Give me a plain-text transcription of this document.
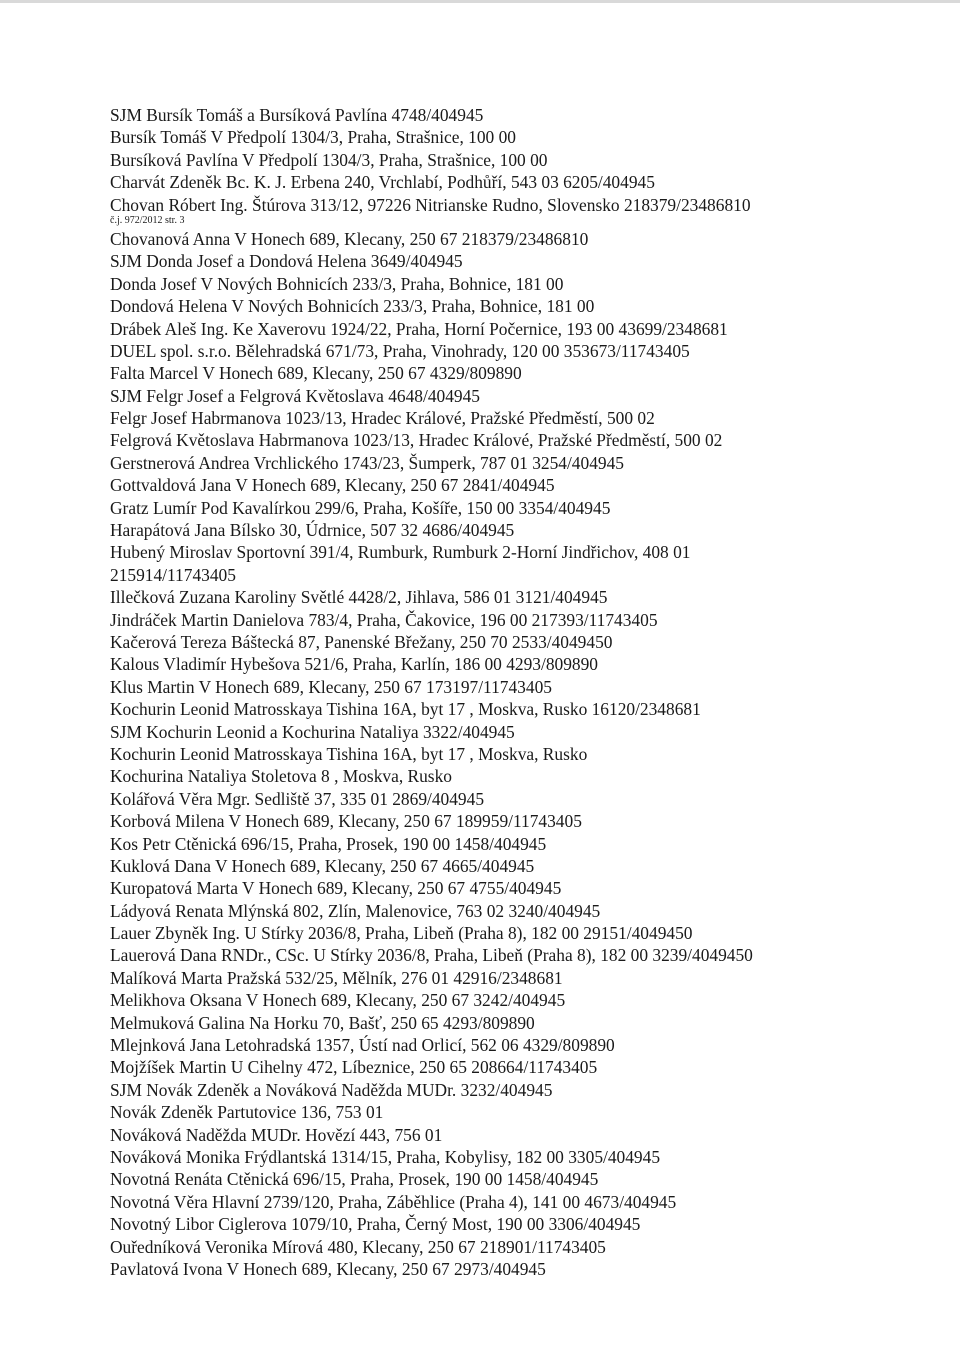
SJM Bursík Tomáš a Bursíková Pavlína 4748/404945
Bursík Tomáš V Předpolí 1304/3, Praha, Strašnice, 100 00
Bursíková Pavlína V Předpolí 1304/3, Praha, Strašnice, 100 00
Charvát Zdeněk Bc. K. J. Erbena 240, Vrchlabí, Podhůří, 543 03 6205/404945
Chovan Róbert Ing. Štúrova 313/12, 97226 Nitrianske Rudno, Slovensko 218379/23486810
č.j. 972/2012 str. 3
Chovanová Anna V Honech 689, Klecany, 250 67 218379/23486810
SJM Donda Josef a Dondová Helena 3649/404945
Donda Josef V Nových Bohnicích 233/3, Praha, Bohnice, 181 00
Dondová Helena V Nových Bohnicích 233/3, Praha, Bohnice, 181 00
Drábek Aleš Ing. Ke Xaverovu 1924/22, Praha, Horní Počernice, 193 00 43699/2348681
DUEL spol. s.r.o. Bělehradská 671/73, Praha, Vinohrady, 120 00 353673/11743405
Falta Marcel V Honech 689, Klecany, 250 67 4329/809890
SJM Felgr Josef a Felgrová Květoslava 4648/404945
Felgr Josef Habrmanova 1023/13, Hradec Králové, Pražské Předměstí, 500 02
Felgrová Květoslava Habrmanova 1023/13, Hradec Králové, Pražské Předměstí, 500 02
Gerstnerová Andrea Vrchlického 1743/23, Šumperk, 787 01 3254/404945
Gottvaldová Jana V Honech 689, Klecany, 250 67 2841/404945
Gratz Lumír Pod Kavalírkou 299/6, Praha, Košíře, 150 00 3354/404945
Harapátová Jana Bílsko 30, Údrnice, 507 32 4686/404945
Hubený Miroslav Sportovní 391/4, Rumburk, Rumburk 2-Horní Jindřichov, 408 01
215914/11743405
Illečková Zuzana Karoliny Světlé 4428/2, Jihlava, 586 01 3121/404945
Jindráček Martin Danielova 783/4, Praha, Čakovice, 196 00 217393/11743405
Kačerová Tereza Báštecká 87, Panenské Břežany, 250 70 2533/4049450
Kalous Vladimír Hybešova 521/6, Praha, Karlín, 186 00 4293/809890
Klus Martin V Honech 689, Klecany, 250 67 173197/11743405
Kochurin Leonid Matrosskaya Tishina 16A, byt 17 , Moskva, Rusko 16120/2348681
SJM Kochurin Leonid a Kochurina Nataliya 3322/404945
Kochurin Leonid Matrosskaya Tishina 16A, byt 17 , Moskva, Rusko
Kochurina Nataliya Stoletova 8 , Moskva, Rusko
Kolářová Věra Mgr. Sedliště 37, 335 01 2869/404945
Korbová Milena V Honech 689, Klecany, 250 67 189959/11743405
Kos Petr Ctěnická 696/15, Praha, Prosek, 190 00 1458/404945
Kuklová Dana V Honech 689, Klecany, 250 67 4665/404945
Kuropatová Marta V Honech 689, Klecany, 250 67 4755/404945
Ládyová Renata Mlýnská 802, Zlín, Malenovice, 763 02 3240/404945
Lauer Zbyněk Ing. U Stírky 2036/8, Praha, Libeň (Praha 8), 182 00 29151/4049450
Lauerová Dana RNDr., CSc. U Stírky 2036/8, Praha, Libeň (Praha 8), 182 00 3239/4049450
Malíková Marta Pražská 532/25, Mělník, 276 01 42916/2348681
Melikhova Oksana V Honech 689, Klecany, 250 67 3242/404945
Melmuková Galina Na Horku 70, Bašť, 250 65 4293/809890
Mlejnková Jana Letohradská 1357, Ústí nad Orlicí, 562 06 4329/809890
Mojžíšek Martin U Cihelny 472, Líbeznice, 250 65 208664/11743405
SJM Novák Zdeněk a Nováková Naděžda MUDr. 3232/404945
Novák Zdeněk Partutovice 136, 753 01
Nováková Naděžda MUDr. Hovězí 443, 756 01
Nováková Monika Frýdlantská 1314/15, Praha, Kobylisy, 182 00 3305/404945
Novotná Renáta Ctěnická 696/15, Praha, Prosek, 190 00 1458/404945
Novotná Věra Hlavní 2739/120, Praha, Záběhlice (Praha 4), 141 00 4673/404945
Novotný Libor Ciglerova 1079/10, Praha, Černý Most, 190 00 3306/404945
Ouředníková Veronika Mírová 480, Klecany, 250 67 218901/11743405
Pavlatová Ivona V Honech 689, Klecany, 250 67 2973/404945
